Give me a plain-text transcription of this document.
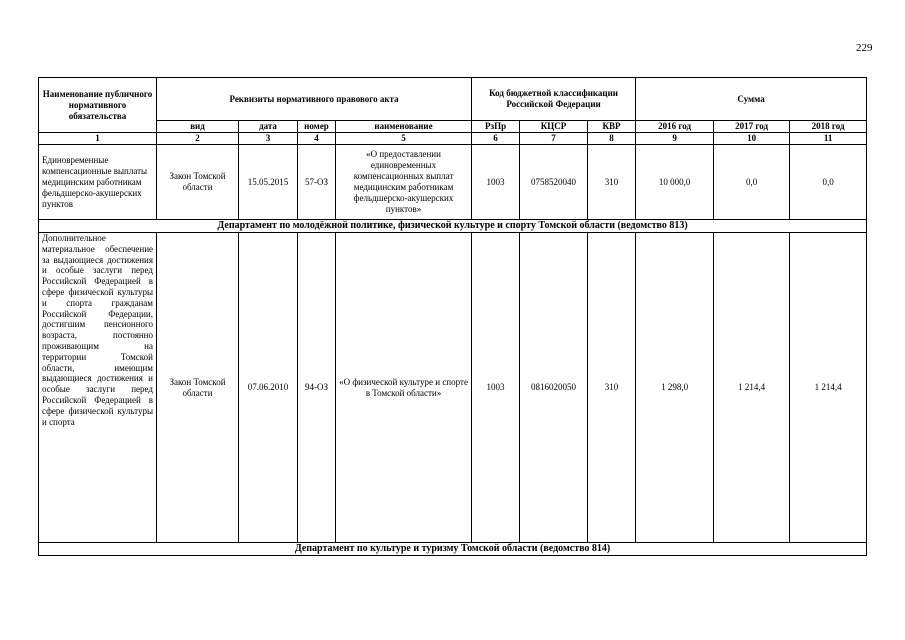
229
Наименование публичного нормативного обязательства	Реквизиты нормативного правового акта				Код бюджетной классификации Российской Федерации			Сумма		
	вид	дата	номер	наименование	РзПр	КЦСР	КВР	2016 год	2017 год	2018 год
1	2	3	4	5	6	7	8	9	10	11
Единовременные компенсационные выплаты медицинским работникам фельдшерско-акушерских пунктов	Закон Томской области	15.05.2015	57-ОЗ	«О предоставлении единовременных компенсационных выплат медицинским работникам фельдшерско-акушерских пунктов»	1003	0758520040	310	10 000,0	0,0	0,0
Департамент по молодёжной политике, физической культуре и спорту Томской области (ведомство 813)										
Дополнительное материальное обеспечение за выдающиеся достижения и особые заслуги перед Российской Федерацией в сфере физической культуры и спорта гражданам Российской Федерации, достигшим пенсионного возраста, постоянно проживающим на территории Томской области, имеющим выдающиеся достижения и особые заслуги перед Российской Федерацией в сфере физической культуры и спорта	Закон Томской области	07.06.2010	94-ОЗ	«О физической культуре и спорте в Томской области»	1003	0816020050	310	1 298,0	1 214,4	1 214,4
Департамент по культуре и туризму Томской области (ведомство 814)										
